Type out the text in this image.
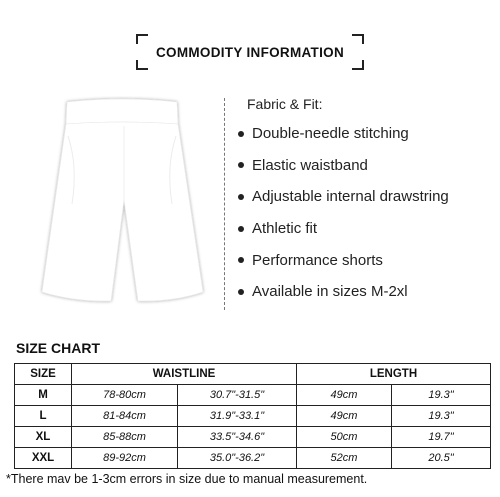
COMMODITY INFORMATION
Fabric & Fit:
Double-needle stitching
Elastic waistband
Adjustable internal drawstring
Athletic fit
Performance shorts
Available in sizes M-2xl
SIZE CHART
SIZE	WAISTLINE		LENGTH	
M	78-80cm	30.7"-31.5"	49cm	19.3"
L	81-84cm	31.9"-33.1"	49cm	19.3"
XL	85-88cm	33.5"-34.6"	50cm	19.7"
XXL	89-92cm	35.0"-36.2"	52cm	20.5"
*There mav be 1-3cm errors in size due to manual measurement.
